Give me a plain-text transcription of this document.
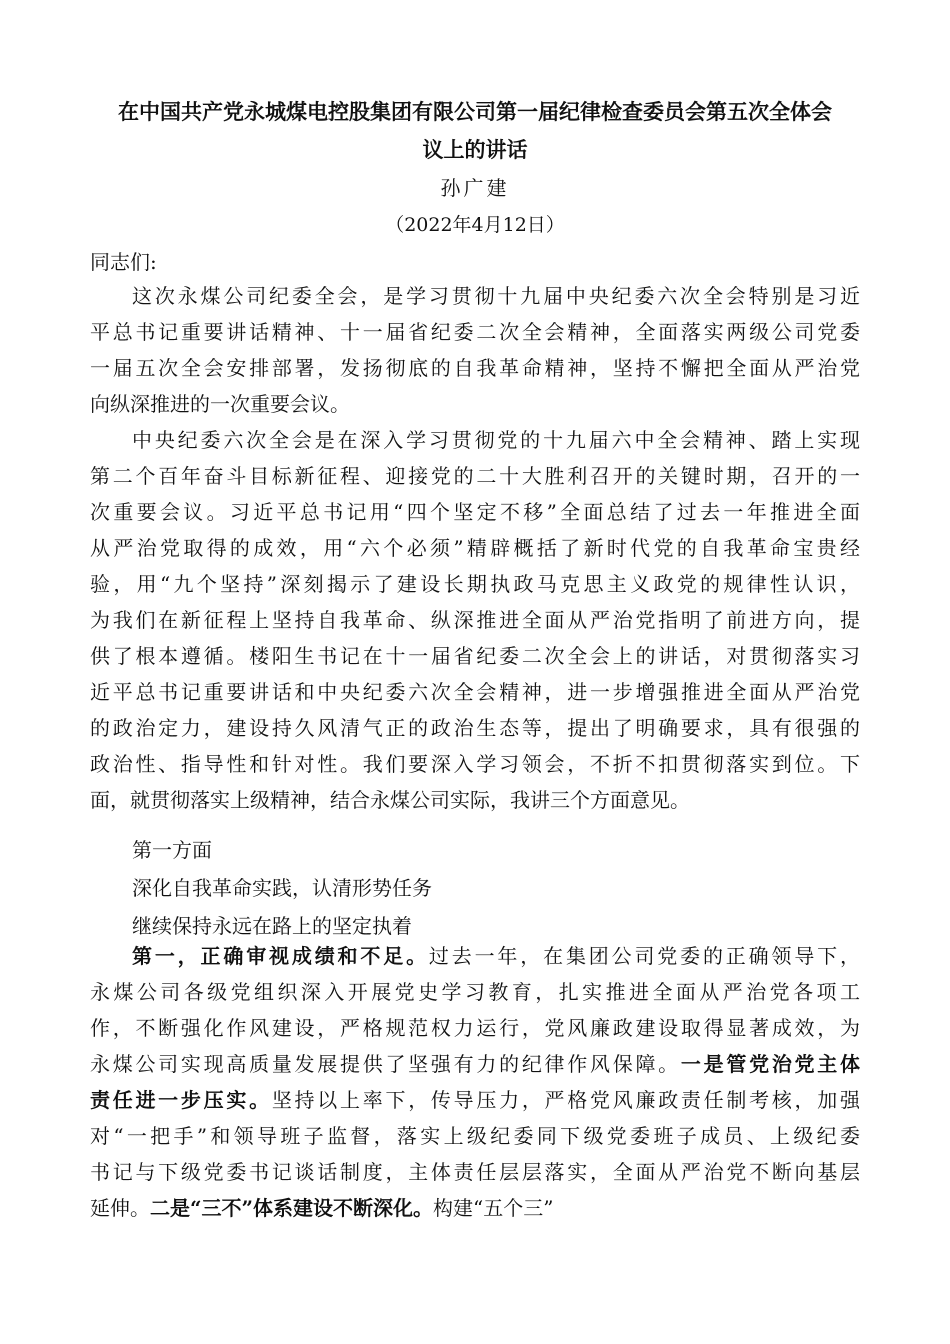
在中国共产党永城煤电控股集团有限公司第一届纪律检查委员会第五次全体会
议上的讲话
孙广建
（2022年4月12日）
同志们:
这次永煤公司纪委全会，是学习贯彻十九届中央纪委六次全会特别是习近
平总书记重要讲话精神、十一届省纪委二次全会精神，全面落实两级公司党委
一届五次全会安排部署，发扬彻底的自我革命精神，坚持不懈把全面从严治党
向纵深推进的一次重要会议。
中央纪委六次全会是在深入学习贯彻党的十九届六中全会精神、踏上实现
第二个百年奋斗目标新征程、迎接党的二十大胜利召开的关键时期，召开的一
次重要会议。习近平总书记用“四个坚定不移”全面总结了过去一年推进全面
从严治党取得的成效，用“六个必须”精辟概括了新时代党的自我革命宝贵经
验，用“九个坚持”深刻揭示了建设长期执政马克思主义政党的规律性认识，
为我们在新征程上坚持自我革命、纵深推进全面从严治党指明了前进方向，提
供了根本遵循。楼阳生书记在十一届省纪委二次全会上的讲话，对贯彻落实习
近平总书记重要讲话和中央纪委六次全会精神，进一步增强推进全面从严治党
的政治定力，建设持久风清气正的政治生态等，提出了明确要求，具有很强的
政治性、指导性和针对性。我们要深入学习领会，不折不扣贯彻落实到位。下
面，就贯彻落实上级精神，结合永煤公司实际，我讲三个方面意见。
第一方面
深化自我革命实践，认清形势任务
继续保持永远在路上的坚定执着
第一，正确审视成绩和不足。过去一年，在集团公司党委的正确领导下，
永煤公司各级党组织深入开展党史学习教育，扎实推进全面从严治党各项工
作，不断强化作风建设，严格规范权力运行，党风廉政建设取得显著成效，为
永煤公司实现高质量发展提供了坚强有力的纪律作风保障。一是管党治党主体
责任进一步压实。坚持以上率下，传导压力，严格党风廉政责任制考核，加强
对“一把手”和领导班子监督，落实上级纪委同下级党委班子成员、上级纪委
书记与下级党委书记谈话制度，主体责任层层落实，全面从严治党不断向基层
延伸。二是“三不”体系建设不断深化。构建“五个三”
